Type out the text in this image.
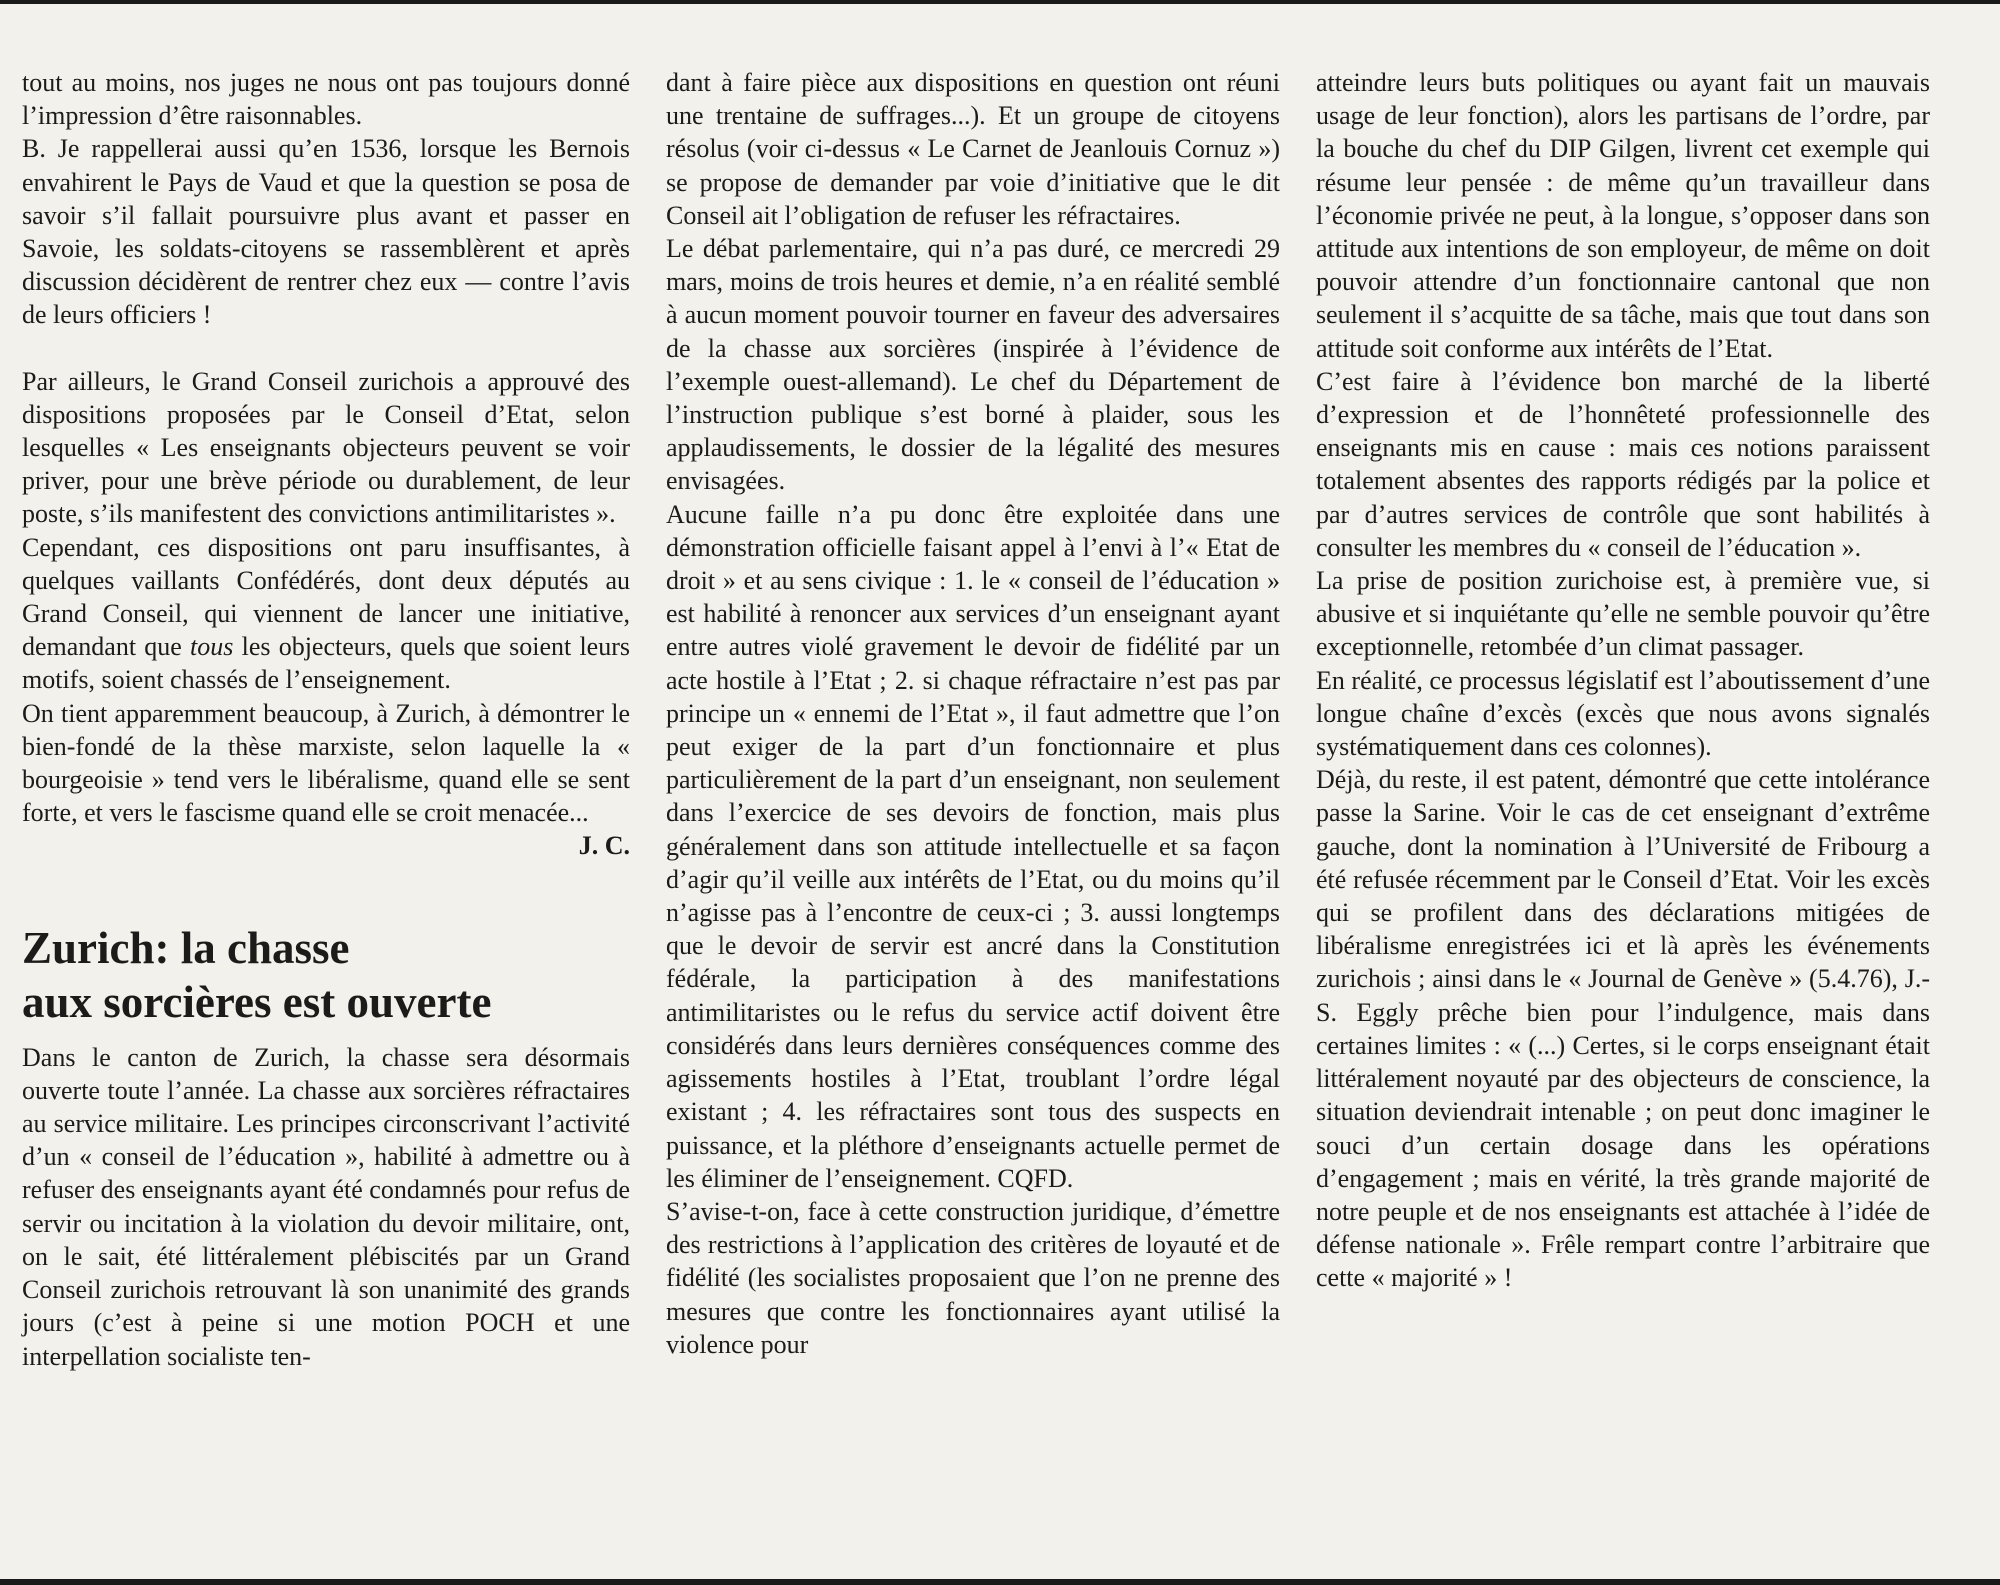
tout au moins, nos juges ne nous ont pas toujours donné l’impression d’être raisonnables.

B. Je rappellerai aussi qu’en 1536, lorsque les Bernois envahirent le Pays de Vaud et que la question se posa de savoir s’il fallait poursuivre plus avant et passer en Savoie, les soldats-citoyens se rassemblèrent et après discussion décidèrent de rentrer chez eux — contre l’avis de leurs officiers !

Par ailleurs, le Grand Conseil zurichois a approuvé des dispositions proposées par le Conseil d’Etat, selon lesquelles « Les enseignants objecteurs peuvent se voir priver, pour une brève période ou durablement, de leur poste, s’ils manifestent des convictions antimilitaristes ».

Cependant, ces dispositions ont paru insuffisantes, à quelques vaillants Confédérés, dont deux députés au Grand Conseil, qui viennent de lancer une initiative, demandant que tous les objecteurs, quels que soient leurs motifs, soient chassés de l’enseignement.

On tient apparemment beaucoup, à Zurich, à démontrer le bien-fondé de la thèse marxiste, selon laquelle la « bourgeoisie » tend vers le libéralisme, quand elle se sent forte, et vers le fascisme quand elle se croit menacée...

J. C.

Zurich: la chasse
aux sorcières est ouverte

Dans le canton de Zurich, la chasse sera désormais ouverte toute l’année. La chasse aux sorcières réfractaires au service militaire. Les principes circonscrivant l’activité d’un « conseil de l’éducation », habilité à admettre ou à refuser des enseignants ayant été condamnés pour refus de servir ou incitation à la violation du devoir militaire, ont, on le sait, été littéralement plébiscités par un Grand Conseil zurichois retrouvant là son unanimité des grands jours (c’est à peine si une motion POCH et une interpellation socialiste ten-

dant à faire pièce aux dispositions en question ont réuni une trentaine de suffrages...). Et un groupe de citoyens résolus (voir ci-dessus « Le Carnet de Jeanlouis Cornuz ») se propose de demander par voie d’initiative que le dit Conseil ait l’obligation de refuser les réfractaires.

Le débat parlementaire, qui n’a pas duré, ce mercredi 29 mars, moins de trois heures et demie, n’a en réalité semblé à aucun moment pouvoir tourner en faveur des adversaires de la chasse aux sorcières (inspirée à l’évidence de l’exemple ouest-allemand). Le chef du Département de l’instruction publique s’est borné à plaider, sous les applaudissements, le dossier de la légalité des mesures envisagées.

Aucune faille n’a pu donc être exploitée dans une démonstration officielle faisant appel à l’envi à l’« Etat de droit » et au sens civique : 1. le « conseil de l’éducation » est habilité à renoncer aux services d’un enseignant ayant entre autres violé gravement le devoir de fidélité par un acte hostile à l’Etat ; 2. si chaque réfractaire n’est pas par principe un « ennemi de l’Etat », il faut admettre que l’on peut exiger de la part d’un fonctionnaire et plus particulièrement de la part d’un enseignant, non seulement dans l’exercice de ses devoirs de fonction, mais plus généralement dans son attitude intellectuelle et sa façon d’agir qu’il veille aux intérêts de l’Etat, ou du moins qu’il n’agisse pas à l’encontre de ceux-ci ; 3. aussi longtemps que le devoir de servir est ancré dans la Constitution fédérale, la participation à des manifestations antimilitaristes ou le refus du service actif doivent être considérés dans leurs dernières conséquences comme des agissements hostiles à l’Etat, troublant l’ordre légal existant ; 4. les réfractaires sont tous des suspects en puissance, et la pléthore d’enseignants actuelle permet de les éliminer de l’enseignement. CQFD.

S’avise-t-on, face à cette construction juridique, d’émettre des restrictions à l’application des critères de loyauté et de fidélité (les socialistes proposaient que l’on ne prenne des mesures que contre les fonctionnaires ayant utilisé la violence pour

atteindre leurs buts politiques ou ayant fait un mauvais usage de leur fonction), alors les partisans de l’ordre, par la bouche du chef du DIP Gilgen, livrent cet exemple qui résume leur pensée : de même qu’un travailleur dans l’économie privée ne peut, à la longue, s’opposer dans son attitude aux intentions de son employeur, de même on doit pouvoir attendre d’un fonctionnaire cantonal que non seulement il s’acquitte de sa tâche, mais que tout dans son attitude soit conforme aux intérêts de l’Etat.

C’est faire à l’évidence bon marché de la liberté d’expression et de l’honnêteté professionnelle des enseignants mis en cause : mais ces notions paraissent totalement absentes des rapports rédigés par la police et par d’autres services de contrôle que sont habilités à consulter les membres du « conseil de l’éducation ».

La prise de position zurichoise est, à première vue, si abusive et si inquiétante qu’elle ne semble pouvoir qu’être exceptionnelle, retombée d’un climat passager.

En réalité, ce processus législatif est l’aboutissement d’une longue chaîne d’excès (excès que nous avons signalés systématiquement dans ces colonnes).

Déjà, du reste, il est patent, démontré que cette intolérance passe la Sarine. Voir le cas de cet enseignant d’extrême gauche, dont la nomination à l’Université de Fribourg a été refusée récemment par le Conseil d’Etat. Voir les excès qui se profilent dans des déclarations mitigées de libéralisme enregistrées ici et là après les événements zurichois ; ainsi dans le « Journal de Genève » (5.4.76), J.-S. Eggly prêche bien pour l’indulgence, mais dans certaines limites : « (...) Certes, si le corps enseignant était littéralement noyauté par des objecteurs de conscience, la situation deviendrait intenable ; on peut donc imaginer le souci d’un certain dosage dans les opérations d’engagement ; mais en vérité, la très grande majorité de notre peuple et de nos enseignants est attachée à l’idée de défense nationale ». Frêle rempart contre l’arbitraire que cette « majorité » !
